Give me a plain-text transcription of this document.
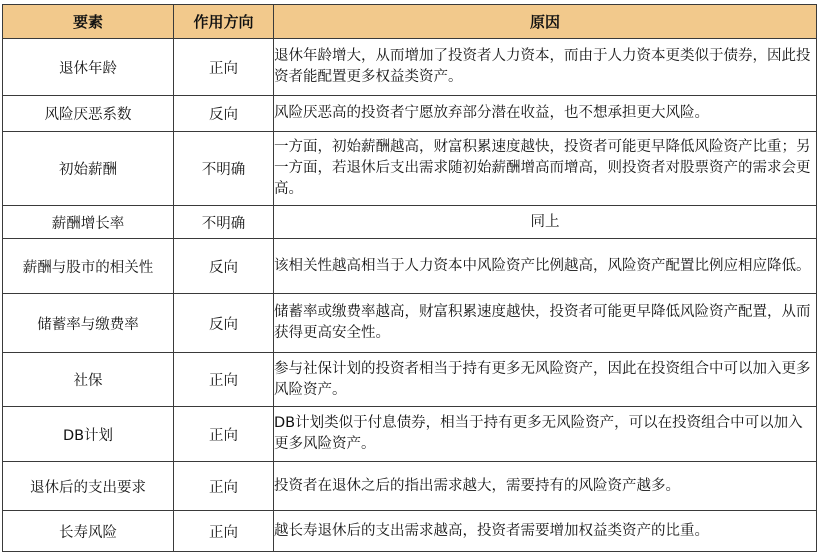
要素	作用方向	原因
退休年龄	正向	退休年龄增大，从而增加了投资者人力资本，而由于人力资本更类似于债券，因此投资者能配置更多权益类资产。
风险厌恶系数	反向	风险厌恶高的投资者宁愿放弃部分潜在收益，也不想承担更大风险。
初始薪酬	不明确	一方面，初始薪酬越高，财富积累速度越快，投资者可能更早降低风险资产比重；另一方面，若退休后支出需求随初始薪酬增高而增高，则投资者对股票资产的需求会更高。
薪酬增长率	不明确	同上
薪酬与股市的相关性	反向	该相关性越高相当于人力资本中风险资产比例越高，风险资产配置比例应相应降低。
储蓄率与缴费率	反向	储蓄率或缴费率越高，财富积累速度越快，投资者可能更早降低风险资产配置，从而获得更高安全性。
社保	正向	参与社保计划的投资者相当于持有更多无风险资产，因此在投资组合中可以加入更多风险资产。
DB计划	正向	DB计划类似于付息债券，相当于持有更多无风险资产，可以在投资组合中可以加入更多风险资产。
退休后的支出要求	正向	投资者在退休之后的指出需求越大，需要持有的风险资产越多。
长寿风险	正向	越长寿退休后的支出需求越高，投资者需要增加权益类资产的比重。
